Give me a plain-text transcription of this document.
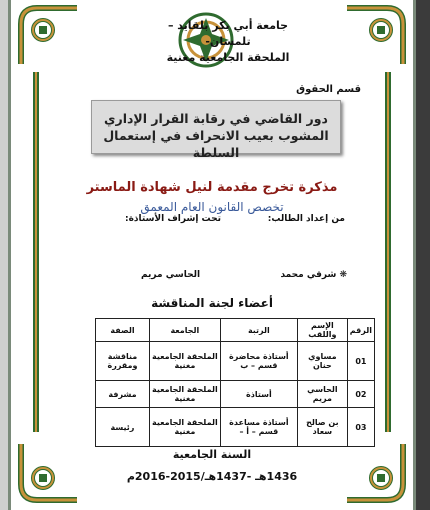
جامعة أبي بكر بلقايد – تلمسان-
الملحقة الجامعية مغنية
قسم الحقوق
دور القاضي في رقابة القرار الإداري المشوب بعيب الانحراف في إستعمال السلطة
مذكرة تخرج مقدمة لنيل شهادة الماستر
تخصص القانون العام المعمق
من إعداد الطالب:
تحت إشراف الأستاذة:
❋ شرقي محمد
الحاسي مريم
أعضاء لجنة المناقشة
الرقم	الإسم واللقب	الرتبة	الجامعة	الصفة
01	مساوي حنان	أستاذة محاضرة قسم – ب	الملحقة الجامعية مغنية	مناقشة ومقررة
02	الحاسي مريم	أستاذة	الملحقة الجامعية مغنية	مشرفة
03	بن صالح سعاد	أستاذة مساعدة قسم – أ –	الملحقة الجامعية مغنية	رئيسة
السنة الجامعية
1436هـ -1437هـ/2015-2016م
